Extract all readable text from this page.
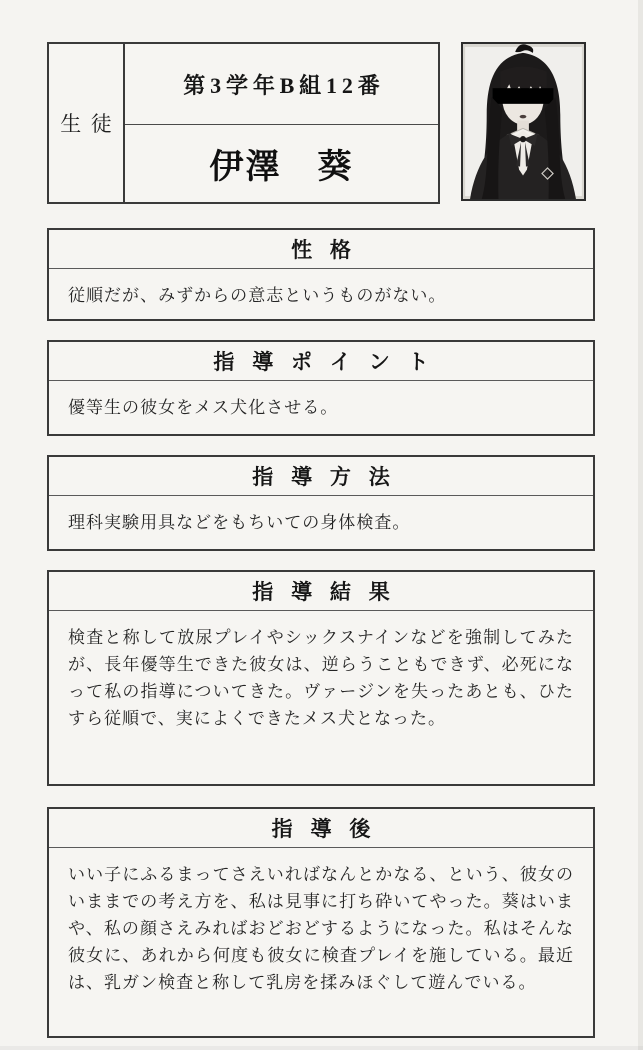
生徒
第3学年B組12番
伊澤　葵
性格
従順だが、みずからの意志というものがない。
指導ポイント
優等生の彼女をメス犬化させる。
指導方法
理科実験用具などをもちいての身体検査。
指導結果
検査と称して放尿プレイやシックスナインなどを強制してみたが、長年優等生できた彼女は、逆らうこともできず、必死になって私の指導についてきた。ヴァージンを失ったあとも、ひたすら従順で、実によくできたメス犬となった。
指導後
いい子にふるまってさえいればなんとかなる、という、彼女のいままでの考え方を、私は見事に打ち砕いてやった。葵はいまや、私の顔さえみればおどおどするようになった。私はそんな彼女に、あれから何度も彼女に検査プレイを施している。最近は、乳ガン検査と称して乳房を揉みほぐして遊んでいる。
